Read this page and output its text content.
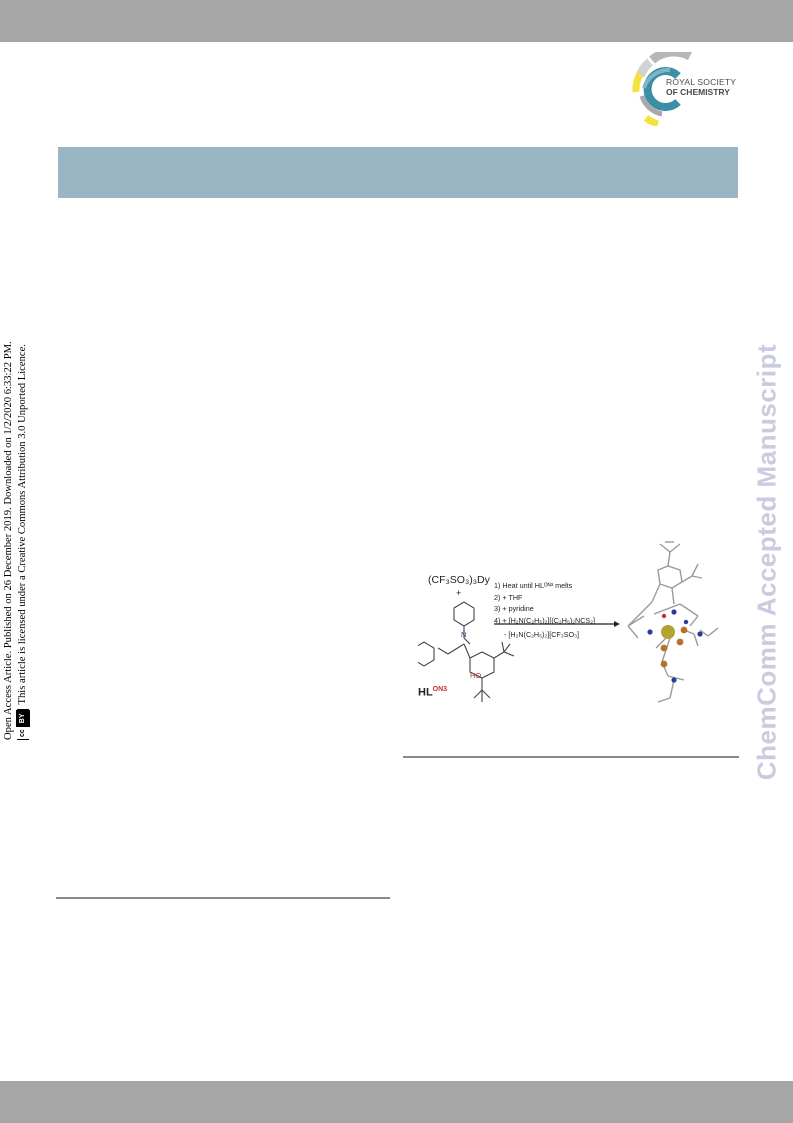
ROYAL SOCIETY
OF CHEMISTRY
Open Access Article. Published on 26 December 2019. Downloaded on 1/2/2020 6:33:22 PM. cc
BY
This article is licensed under a Creative Commons Attribution 3.0 Unported Licence.	ChemComm Accepted Manuscript
(CF₃SO₃)₃Dy
+
N
HO
$HL^{ON3}$
1) Heat until HLᴼᴺ³ melts
2) + THF
3) + pyridine
4) + [H₂N(C₂H₅)₂][(C₂H₅)₂NCS₂]
- [H₂N(C₂H₅)₂][CF₃SO₃]
